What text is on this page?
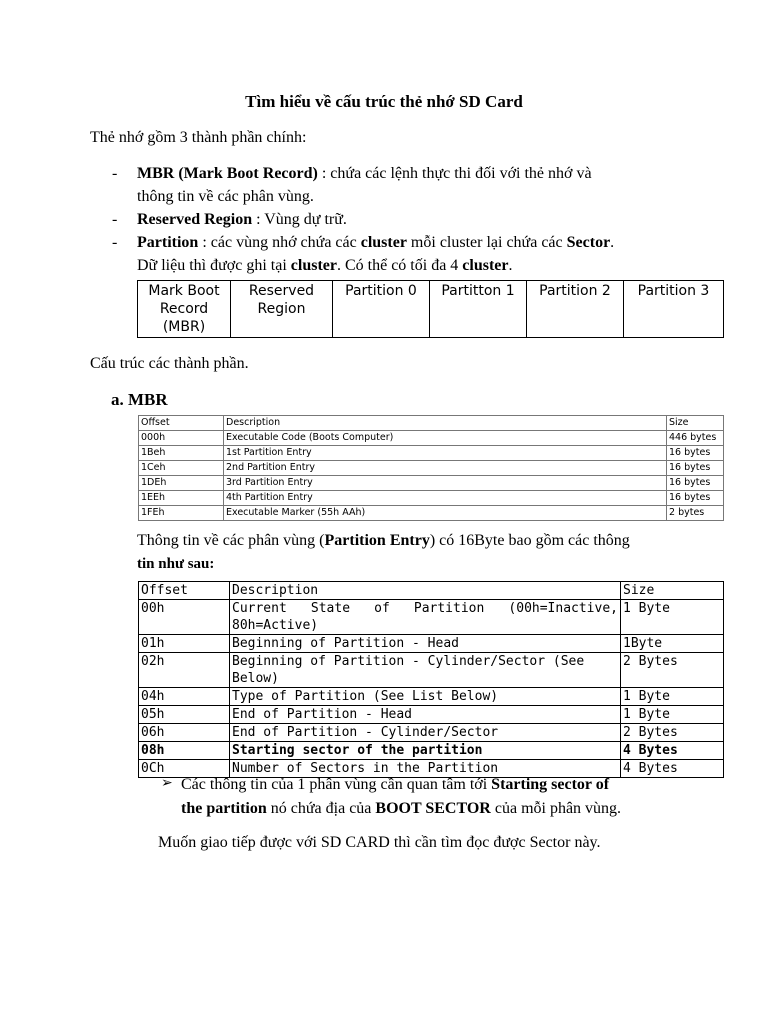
Tìm hiểu về cấu trúc thẻ nhớ SD Card
Thẻ nhớ gồm 3 thành phần chính:
- MBR (Mark Boot Record) : chứa các lệnh thực thi đối với thẻ nhớ và
thông tin về các phân vùng.
- Reserved Region : Vùng dự trữ.
- Partition : các vùng nhớ chứa các cluster mỗi cluster lại chứa các Sector.
Dữ liệu thì được ghi tại cluster. Có thể có tối đa 4 cluster.
Mark Boot Record (MBR)	Reserved Region	Partition 0	Partitton 1	Partition 2	Partition 3
Cấu trúc các thành phần.
a. MBR
Offset	Description	Size
000h	Executable Code (Boots Computer)	446 bytes
1Beh	1st Partition Entry	16 bytes
1Ceh	2nd Partition Entry	16 bytes
1DEh	3rd Partition Entry	16 bytes
1EEh	4th Partition Entry	16 bytes
1FEh	Executable Marker (55h AAh)	2 bytes
Thông tin về các phân vùng (Partition Entry) có 16Byte bao gồm các thông
tin như sau:
Offset	Description	Size
00h	Current State of Partition (00h=Inactive, 80h=Active)	1 Byte
01h	Beginning of Partition - Head	1Byte
02h	Beginning of Partition - Cylinder/Sector (See Below)	2 Bytes
04h	Type of Partition (See List Below)	1 Byte
05h	End of Partition - Head	1 Byte
06h	End of Partition - Cylinder/Sector	2 Bytes
08h	Starting sector of the partition	4 Bytes
0Ch	Number of Sectors in the Partition	4 Bytes
➢ Các thông tin của 1 phân vùng cần quan tâm tới Starting sector of
the partition nó chứa địa của BOOT SECTOR của mỗi phân vùng.
Muốn giao tiếp được với SD CARD thì cần tìm đọc được Sector này.
